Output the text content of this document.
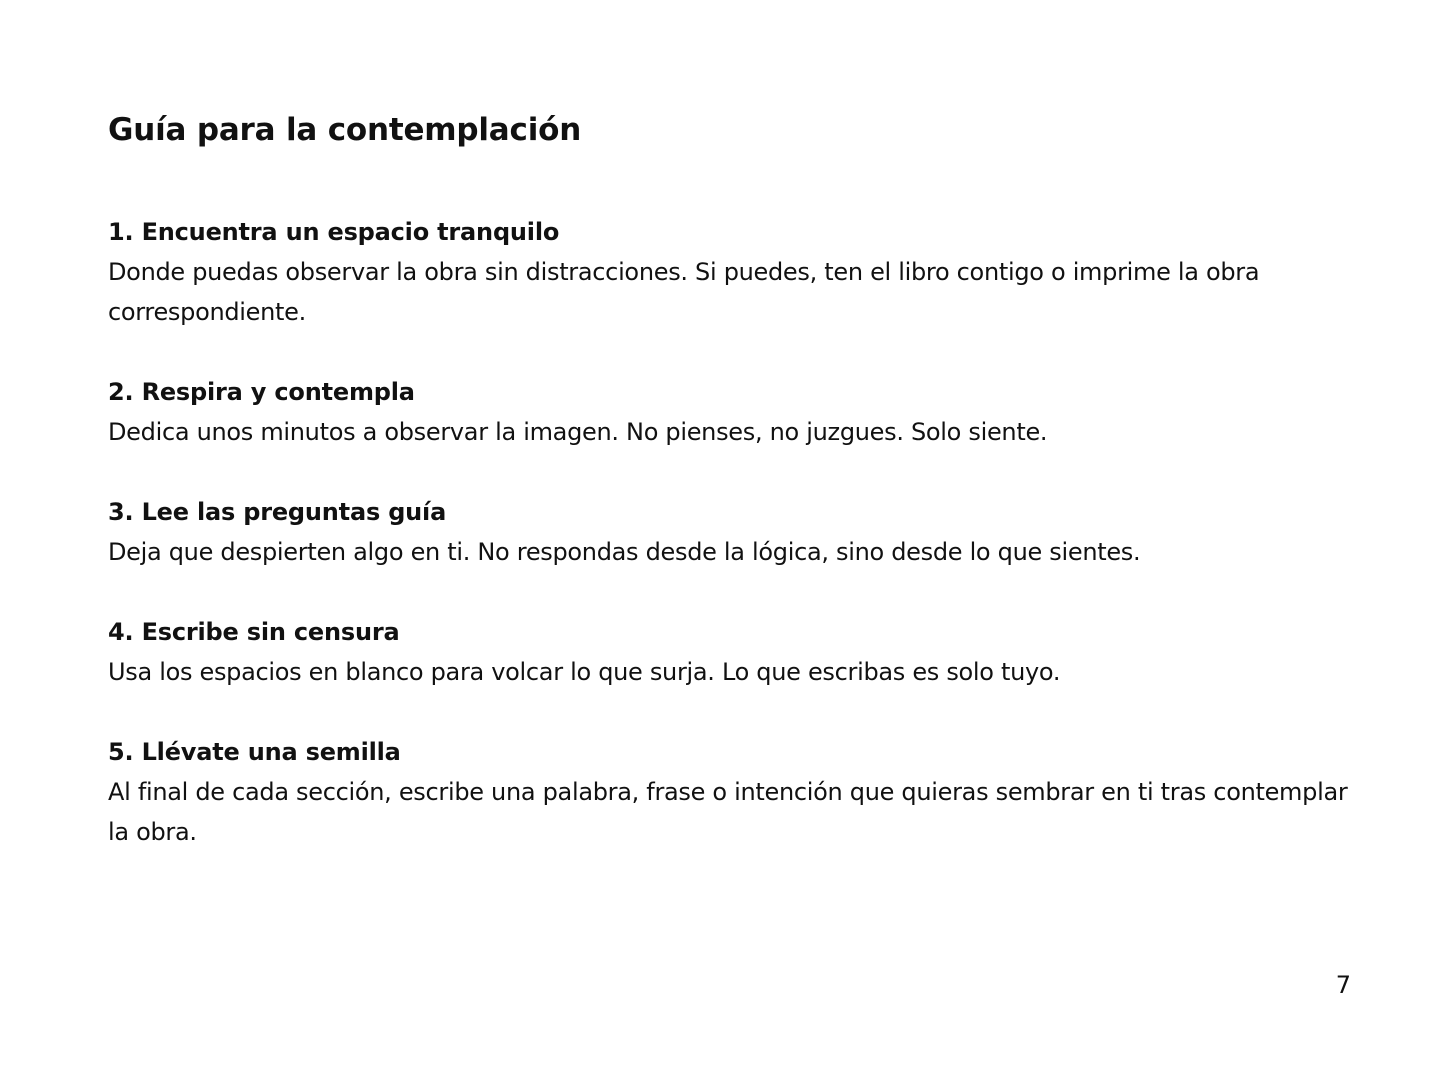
Guía para la contemplación

1. Encuentra un espacio tranquilo

Donde puedas observar la obra sin distracciones. Si puedes, ten el libro contigo o imprime la obra correspondiente.

2. Respira y contempla

Dedica unos minutos a observar la imagen. No pienses, no juzgues. Solo siente.

3. Lee las preguntas guía

Deja que despierten algo en ti. No respondas desde la lógica, sino desde lo que sientes.

4. Escribe sin censura

Usa los espacios en blanco para volcar lo que surja. Lo que escribas es solo tuyo.

5. Llévate una semilla

Al final de cada sección, escribe una palabra, frase o intención que quieras sembrar en ti tras contemplar la obra.

7
